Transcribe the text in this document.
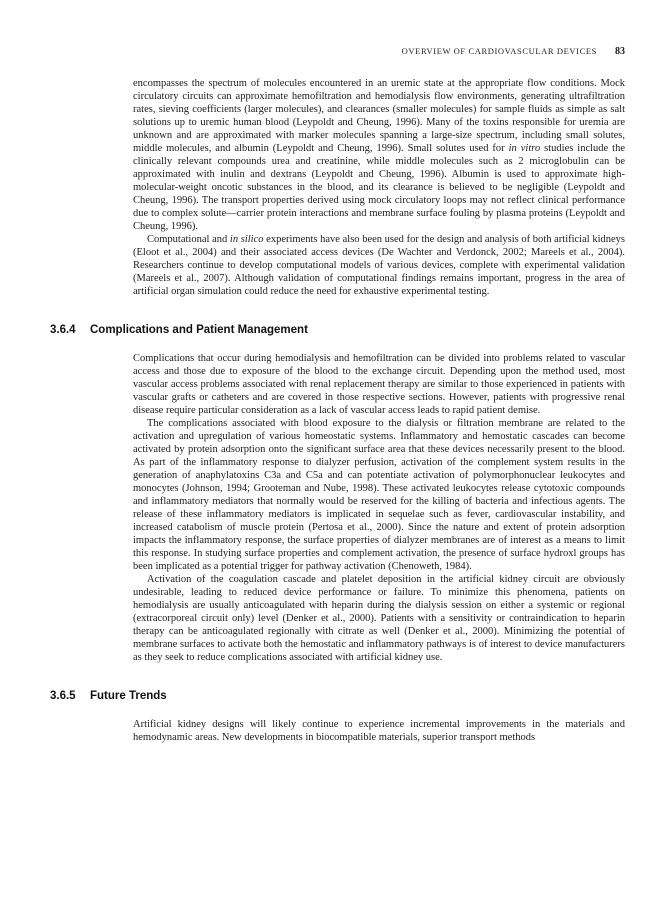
OVERVIEW OF CARDIOVASCULAR DEVICES 83

encompasses the spectrum of molecules encountered in an uremic state at the appropriate flow conditions. Mock circulatory circuits can approximate hemofiltration and hemodialysis flow environments, generating ultrafiltration rates, sieving coefficients (larger molecules), and clearances (smaller molecules) for sample fluids as simple as salt solutions up to uremic human blood (Leypoldt and Cheung, 1996). Many of the toxins responsible for uremia are unknown and are approximated with marker molecules spanning a large-size spectrum, including small solutes, middle molecules, and albumin (Leypoldt and Cheung, 1996). Small solutes used for in vitro studies include the clinically relevant compounds urea and creatinine, while middle molecules such as 2 microglobulin can be approximated with inulin and dextrans (Leypoldt and Cheung, 1996). Albumin is used to approximate high-molecular-weight oncotic substances in the blood, and its clearance is believed to be negligible (Leypoldt and Cheung, 1996). The transport properties derived using mock circulatory loops may not reflect clinical performance due to complex solute—carrier protein interactions and membrane surface fouling by plasma proteins (Leypoldt and Cheung, 1996).

Computational and in silico experiments have also been used for the design and analysis of both artificial kidneys (Eloot et al., 2004) and their associated access devices (De Wachter and Verdonck, 2002; Mareels et al., 2004). Researchers continue to develop computational models of various devices, complete with experimental validation (Mareels et al., 2007). Although validation of computational findings remains important, progress in the area of artificial organ simulation could reduce the need for exhaustive experimental testing.

3.6.4	Complications and Patient Management

Complications that occur during hemodialysis and hemofiltration can be divided into problems related to vascular access and those due to exposure of the blood to the exchange circuit. Depending upon the method used, most vascular access problems associated with renal replacement therapy are similar to those experienced in patients with vascular grafts or catheters and are covered in those respective sections. However, patients with progressive renal disease require particular consideration as a lack of vascular access leads to rapid patient demise.

The complications associated with blood exposure to the dialysis or filtration membrane are related to the activation and upregulation of various homeostatic systems. Inflammatory and hemostatic cascades can become activated by protein adsorption onto the significant surface area that these devices necessarily present to the blood. As part of the inflammatory response to dialyzer perfusion, activation of the complement system results in the generation of anaphylatoxins C3a and C5a and can potentiate activation of polymorphonuclear leukocytes and monocytes (Johnson, 1994; Grooteman and Nube, 1998). These activated leukocytes release cytotoxic compounds and inflammatory mediators that normally would be reserved for the killing of bacteria and infectious agents. The release of these inflammatory mediators is implicated in sequelae such as fever, cardiovascular instability, and increased catabolism of muscle protein (Pertosa et al., 2000). Since the nature and extent of protein adsorption impacts the inflammatory response, the surface properties of dialyzer membranes are of interest as a means to limit this response. In studying surface properties and complement activation, the presence of surface hydroxl groups has been implicated as a potential trigger for pathway activation (Chenoweth, 1984).

Activation of the coagulation cascade and platelet deposition in the artificial kidney circuit are obviously undesirable, leading to reduced device performance or failure. To minimize this phenomena, patients on hemodialysis are usually anticoagulated with heparin during the dialysis session on either a systemic or regional (extracorporeal circuit only) level (Denker et al., 2000). Patients with a sensitivity or contraindication to heparin therapy can be anticoagulated regionally with citrate as well (Denker et al., 2000). Minimizing the potential of membrane surfaces to activate both the hemostatic and inflammatory pathways is of interest to device manufacturers as they seek to reduce complications associated with artificial kidney use.

3.6.5	Future Trends

Artificial kidney designs will likely continue to experience incremental improvements in the materials and hemodynamic areas. New developments in biocompatible materials, superior transport methods
